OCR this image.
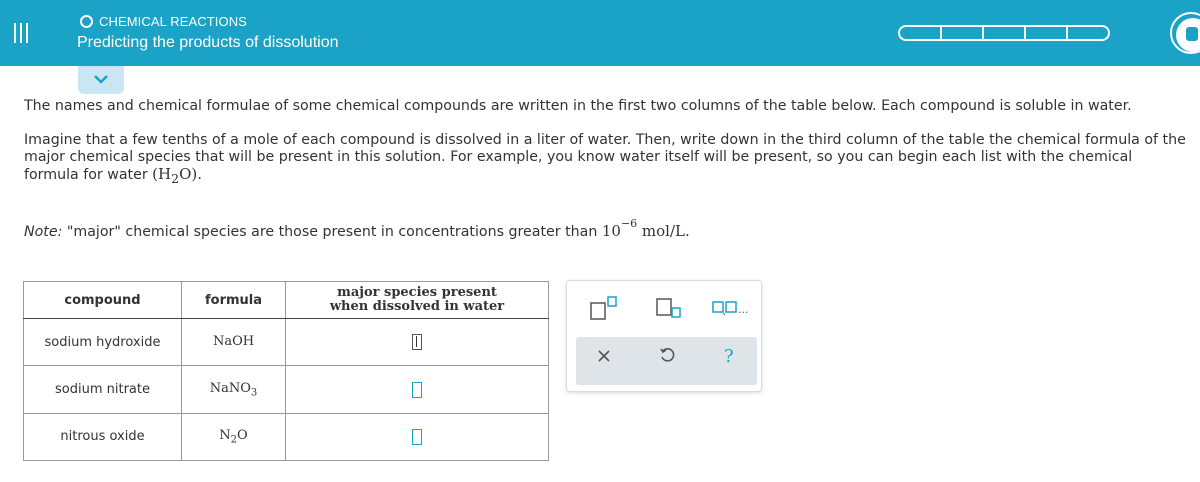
CHEMICAL REACTIONS
Predicting the products of dissolution

The names and chemical formulae of some chemical compounds are written in the first two columns of the table below. Each compound is soluble in water.

Imagine that a few tenths of a mole of each compound is dissolved in a liter of water. Then, write down in the third column of the table the chemical formula of the major chemical species that will be present in this solution. For example, you know water itself will be present, so you can begin each list with the chemical formula for water $(H_2O)$.

Note: "major" chemical species are those present in concentrations greater than $10^{-6}$ mol/L.

compound	formula	major species present
when dissolved in water
sodium hydroxide	NaOH	
sodium nitrate	NaNO$_3$	
nitrous oxide	$N_2O$	
...
?
